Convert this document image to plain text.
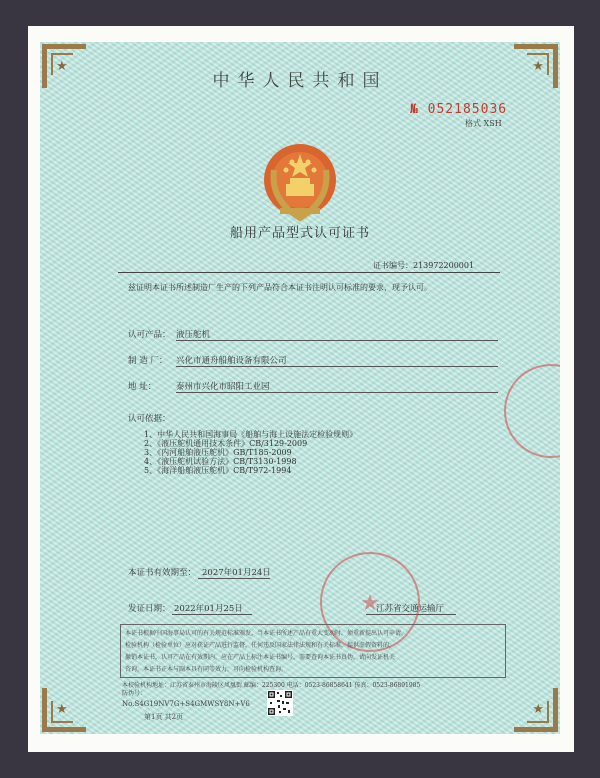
★	★
★	★
中华人民共和国
№ 052185036
格式 XSH
船用产品型式认可证书
证书编号：213972200001
兹证明本证书所述制造厂生产的下列产品符合本证书注明认可标准的要求，现予认可。
认可产品： 液压舵机
制 造 厂： 兴化市通舟船舶设备有限公司
地 址： 泰州市兴化市昭阳工业园
认可依据：
1、中华人民共和国海事局《船舶与海上设施法定检验规则》
2、《液压舵机通用技术条件》CB/3129-2009
3、《内河船舶液压舵机》GB/T185-2009
4、《液压舵机试验方法》CB/T3130-1998
5、《海洋船舶液压舵机》CB/T972-1994
本证书有效期至： 2027年01月24日
发证日期： 2022年01月25日	江苏省交通运输厅
★
本证书根据中国海事局认可的有关规范标准颁发。当本证书所述产品有重大变动时，须重新提出认可申请。
检验机构（检验单位）应对获证产品进行监督，任何违反国家法律法规和有关标准，提供虚假资料的，
撤销本证书。认可产品在有效期内，应在产品上标注本证书编号。需要查询本证书真伪，请向发证机关
咨询。本证书正本与副本具有同等效力，可向检验机构查询。
本校验机构地址：江苏省泰州市海陵区凤凰街 邮编：225300 电话：0523-86858641 传真：0523-86891985
防伪号：
No.S4G19NV7G+S4GMWSY8N+V6
第1页 共2页
